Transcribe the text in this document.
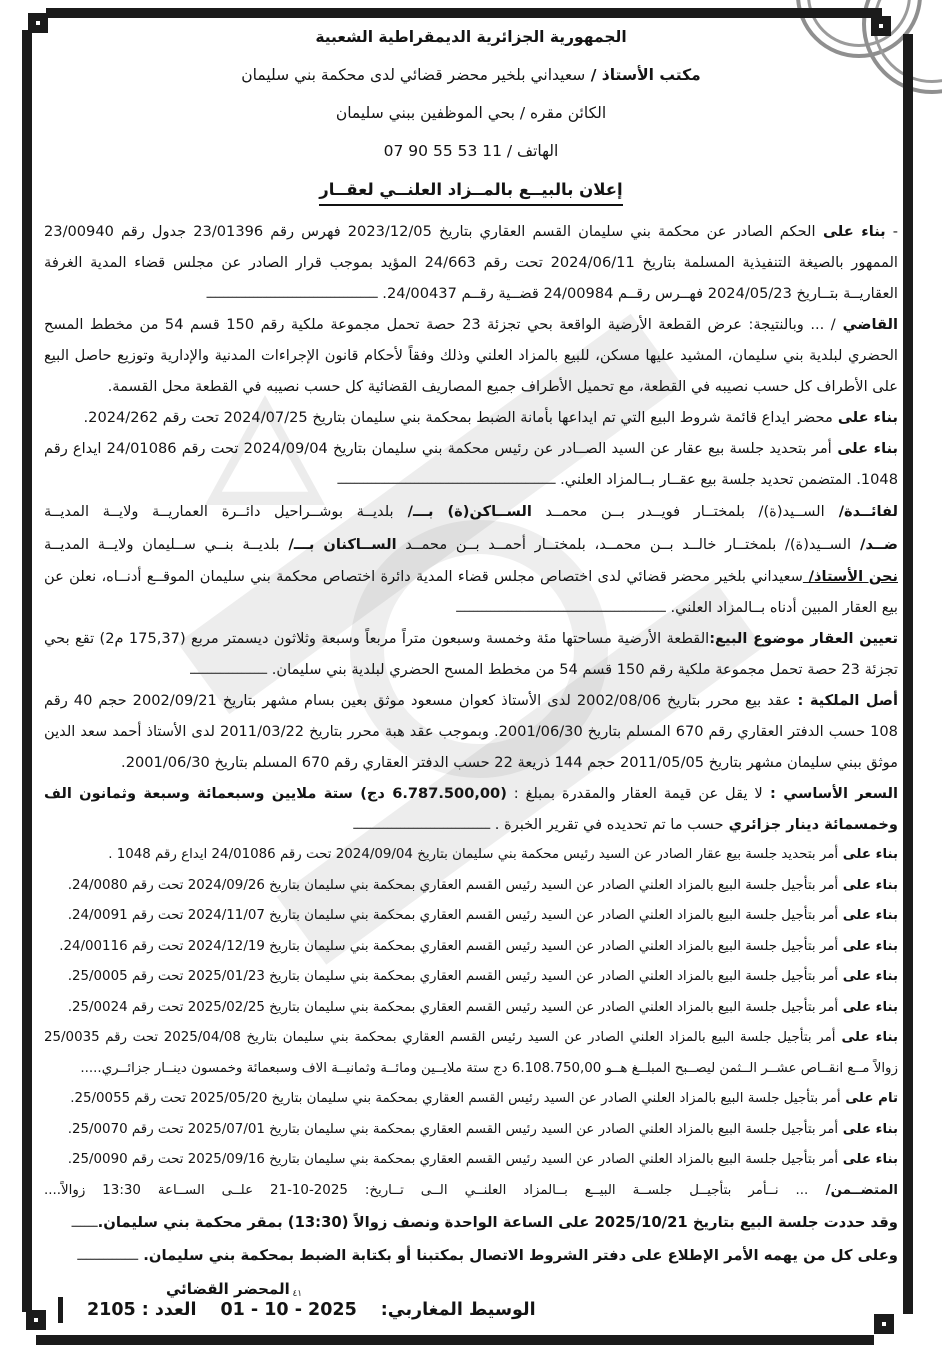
الجمهورية الجزائرية الديمقراطية الشعبية

مكتب الأستاذ / سعيداني بلخير محضر قضائي لدى محكمة بني سليمان

الكائن مقره / بحي الموظفين ببني سليمان

الهاتف / 07 90 55 53 11

إعلان بالبيــع بالمــزاد العلنــي لعقــار

- بناء على الحكم الصادر عن محكمة بني سليمان القسم العقاري بتاريخ 2023/12/05 فهرس رقم 23/01396 جدول رقم 23/00940 الممهور بالصيغة التنفيذية المسلمة بتاريخ 2024/06/11 تحت رقم 24/663 المؤيد بموجب قرار الصادر عن مجلس قضاء المدية الغرفة العقاريــة بتــاريخ 2024/05/23 فهــرس رقــم 24/00984 قضــية رقــم 24/00437. ــــــــــــــــــــــــــــــــــــــــ

القاضي / ... وبالنتيجة: عرض القطعة الأرضية الواقعة بحي تجزئة 23 حصة تحمل مجموعة ملكية رقم 150 قسم 54 من مخطط المسح الحضري لبلدية بني سليمان، المشيد عليها مسكن، للبيع بالمزاد العلني وذلك وفقاً لأحكام قانون الإجراءات المدنية والإدارية وتوزيع حاصل البيع على الأطراف كل حسب نصيبه في القطعة، مع تحميل الأطراف جميع المصاريف القضائية كل حسب نصيبه في القطعة محل القسمة.

بناء على محضر ايداع قائمة شروط البيع التي تم ايداعها بأمانة الضبط بمحكمة بني سليمان بتاريخ 2024/07/25 تحت رقم 2024/262.

بناء على أمر بتحديد جلسة بيع عقار عن السيد الصــادر عن رئيس محكمة بني سليمان بتاريخ 2024/09/04 تحت رقم 24/01086 ايداع رقم 1048. المتضمن تحديد جلسة بيع عقــار بــالمزاد العلني. ـــــــــــــــــــــــــــــــــــــــــــــــــــ

لفائــدة/ الســيد(ة)/ بلمختــار فويــدر بــن محمــد الســاكن(ة) بـــ/ بلديــة بوشــراحيل دائــرة العماريــة ولايــة المديــة

ضــد/ الســيد(ة)/ بلمختــار خالــد بــن محمــد، بلمختــار أحمــد بــن محمــد الســاكنان بـــ/ بلديــة بنــي ســليمان ولايــة المديــة

نحن الأستاذ/ سعيداني بلخير محضر قضائي لدى اختصاص مجلس قضاء المدية دائرة اختصاص محكمة بني سليمان الموقــع أدنــاه، نعلن عن بيع العقار المبين أدناه بــالمزاد العلني. ـــــــــــــــــــــــــــــــــــــــــــــــــ

تعيين العقار موضوع البيع:القطعة الأرضية مساحتها مئة وخمسة وسبعون متراً مربعاً وسبعة وثلاثون ديسمتر مربع (175,37 م2) تقع بحي تجزئة 23 حصة تحمل مجموعة ملكية رقم 150 قسم 54 من مخطط المسح الحضري لبلدية بني سليمان. ــــــــــــــــــ

أصل الملكية : عقد بيع محرر بتاريخ 2002/08/06 لدى الأستاذ كعوان مسعود موثق بعين بسام مشهر بتاريخ 2002/09/21 حجم 40 رقم 108 حسب الدفتر العقاري رقم 670 المسلم بتاريخ 2001/06/30. وبموجب عقد هبة محرر بتاريخ 2011/03/22 لدى الأستاذ أحمد سعد الدين موثق ببني سليمان مشهر بتاريخ 2011/05/05 حجم 144 ذريعة 22 حسب الدفتر العقاري رقم 670 المسلم بتاريخ 2001/06/30.

السعر الأساسي : لا يقل عن قيمة العقار والمقدرة بمبلغ : (6.787.500,00 دج) ستة ملايين وسبعمائة وسبعة وثمانون الف وخمسمائة دينار جزائري حسب ما تم تحديده في تقرير الخبرة . ــــــــــــــــــــــــــــــــ

بناء على أمر بتحديد جلسة بيع عقار الصادر عن السيد رئيس محكمة بني سليمان بتاريخ 2024/09/04 تحت رقم 24/01086 ايداع رقم 1048 .

بناء على أمر بتأجيل جلسة البيع بالمزاد العلني الصادر عن السيد رئيس القسم العقاري بمحكمة بني سليمان بتاريخ 2024/09/26 تحت رقم 24/0080.

بناء على أمر بتأجيل جلسة البيع بالمزاد العلني الصادر عن السيد رئيس القسم العقاري بمحكمة بني سليمان بتاريخ 2024/11/07 تحت رقم 24/0091.

بناء على أمر بتأجيل جلسة البيع بالمزاد العلني الصادر عن السيد رئيس القسم العقاري بمحكمة بني سليمان بتاريخ 2024/12/19 تحت رقم 24/00116.

بناء على أمر بتأجيل جلسة البيع بالمزاد العلني الصادر عن السيد رئيس القسم العقاري بمحكمة بني سليمان بتاريخ 2025/01/23 تحت رقم 25/0005.

بناء على أمر بتأجيل جلسة البيع بالمزاد العلني الصادر عن السيد رئيس القسم العقاري بمحكمة بني سليمان بتاريخ 2025/02/25 تحت رقم 25/0024.

بناء على أمر بتأجيل جلسة البيع بالمزاد العلني الصادر عن السيد رئيس القسم العقاري بمحكمة بني سليمان بتاريخ 2025/04/08 تحت رقم 25/0035 زوالاً مــع انقــاص عشــر الــثمن ليصــبح المبلــغ هــو 6.108.750,00 دج ستة ملايــين ومائــة وثمانيــة الاف وسبعمائة وخمسون دينــار جزائــري.....

تام على أمر بتأجيل جلسة البيع بالمزاد العلني الصادر عن السيد رئيس القسم العقاري بمحكمة بني سليمان بتاريخ 2025/05/20 تحت رقم 25/0055.

بناء على أمر بتأجيل جلسة البيع بالمزاد العلني الصادر عن السيد رئيس القسم العقاري بمحكمة بني سليمان بتاريخ 2025/07/01 تحت رقم 25/0070.

بناء على أمر بتأجيل جلسة البيع بالمزاد العلني الصادر عن السيد رئيس القسم العقاري بمحكمة بني سليمان بتاريخ 2025/09/16 تحت رقم 25/0090.

المتضــمن/ ... نــأمر بتأجيــل جلســة البيــع بــالمزاد العلنــي الــى تــاريخ: 21-10-2025 علــى الســاعة 13:30 زوالاً....

وقد حددت جلسة البيع بتاريخ 2025/10/21 على الساعة الواحدة ونصف زوالاً (13:30) بمقر محكمة بني سليمان.ــــــ

وعلى كل من يهمه الأمر الإطلاع على دفتر الشروط الاتصال بمكتبنا أو بكتابة الضبط بمحكمة بني سليمان. ــــــــــــــ

المحضر القضائي

الوسيط المغاربي:
01 - 10 - 2025
٤١
العدد : 2105
